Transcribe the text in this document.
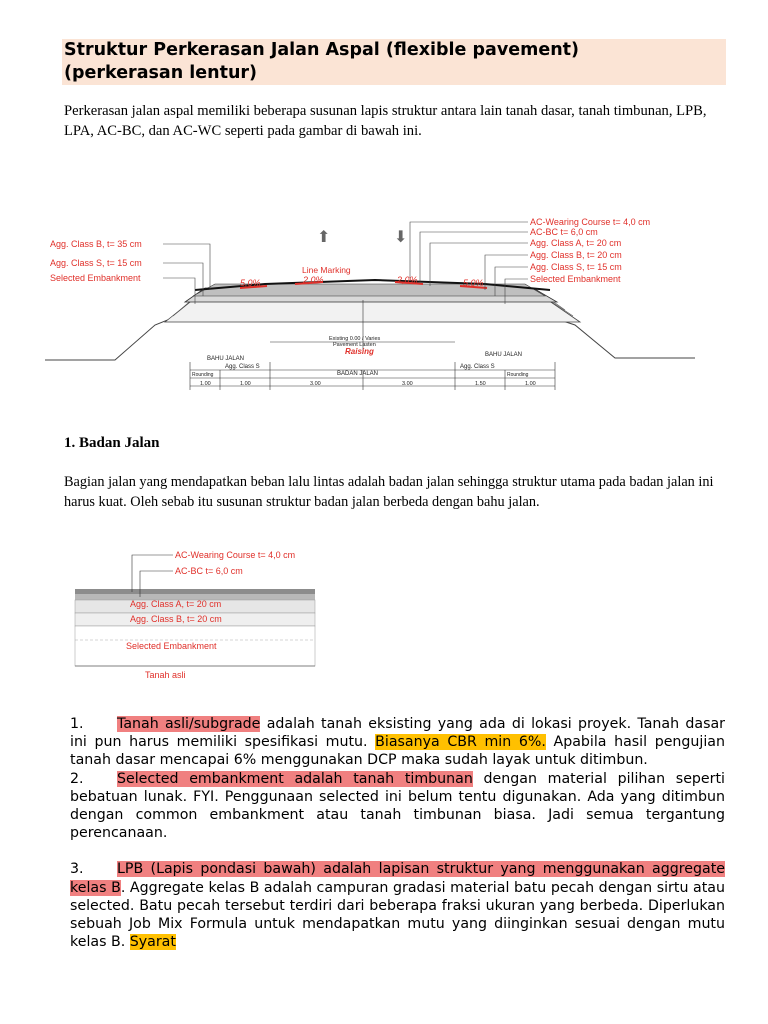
Struktur Perkerasan Jalan Aspal (flexible pavement)
(perkerasan lentur)
Perkerasan jalan aspal memiliki beberapa susunan lapis struktur antara lain tanah dasar, tanah timbunan, LPB, LPA, AC-BC, dan AC-WC seperti pada gambar di bawah ini.
5,0%	2,0%	2,0%	5,0%
⬆	⬇
Line Marking
Agg. Class B, t= 35 cm
Agg. Class S, t= 15 cm
Selected Embankment
AC-Wearing Course t= 4,0 cm
AC-BC t= 6,0 cm
Agg. Class A, t= 20 cm
Agg. Class B, t= 20 cm
Agg. Class S, t= 15 cm
Selected Embankment
Existing 0.00 / Varies
Pavement Lasten
Raising
BAHU JALAN
BAHU JALAN
BADAN JALAN
Agg. Class S	Agg. Class S
Rounding	Rounding
1.00	1.00	3.00	3.00	1.50	1.00
1. Badan Jalan
Bagian jalan yang mendapatkan beban lalu lintas adalah badan jalan sehingga struktur utama pada badan jalan ini harus kuat. Oleh sebab itu susunan struktur badan jalan berbeda dengan bahu jalan.
AC-Wearing Course t= 4,0 cm
AC-BC t= 6,0 cm
Agg. Class A, t= 20 cm
Agg. Class B, t= 20 cm
Selected Embankment
Tanah asli

1. Tanah asli/subgrade adalah tanah eksisting yang ada di lokasi proyek. Tanah dasar ini pun harus memiliki spesifikasi mutu. Biasanya CBR min 6%. Apabila hasil pengujian tanah dasar mencapai 6% menggunakan DCP maka sudah layak untuk ditimbun.

2. Selected embankment adalah tanah timbunan dengan material pilihan seperti bebatuan lunak. FYI. Penggunaan selected ini belum tentu digunakan. Ada yang ditimbun dengan common embankment atau tanah timbunan biasa. Jadi semua tergantung perencanaan.

3. LPB (Lapis pondasi bawah) adalah lapisan struktur yang menggunakan aggregate kelas B. Aggregate kelas B adalah campuran gradasi material batu pecah dengan sirtu atau selected. Batu pecah tersebut terdiri dari beberapa fraksi ukuran yang berbeda. Diperlukan sebuah Job Mix Formula untuk mendapatkan mutu yang diinginkan sesuai dengan mutu kelas B. Syarat
